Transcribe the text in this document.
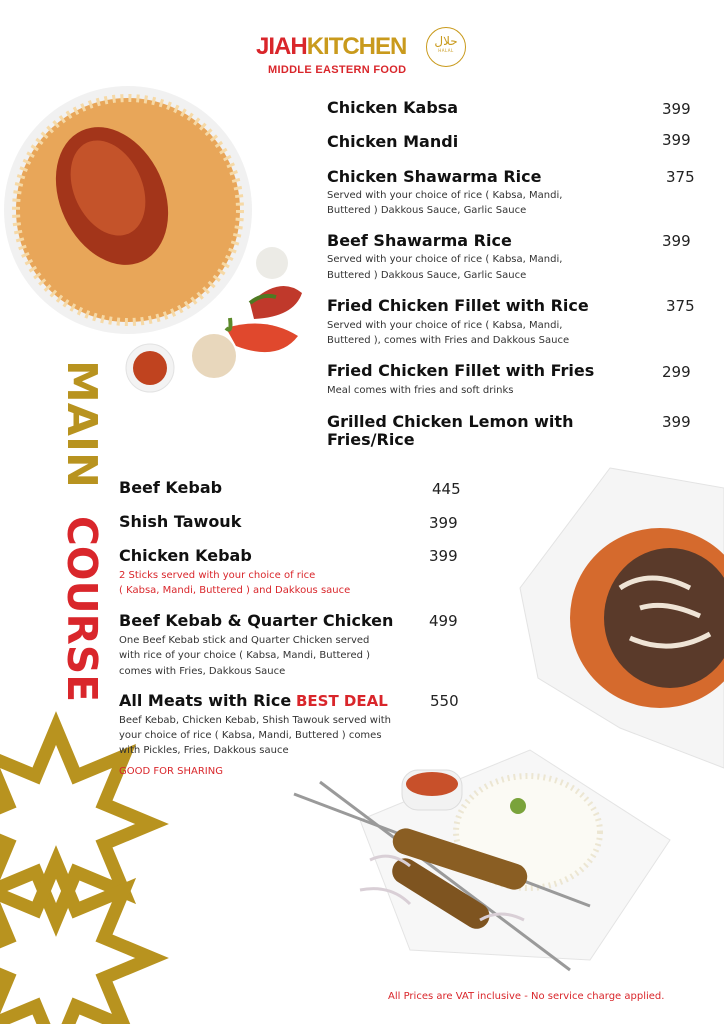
JIAHKITCHEN
MIDDLE EASTERN FOOD
حلال
HALAL
MAIN
COURSE
Chicken Kabsa	399
Chicken Mandi	399
Chicken Shawarma Rice	375
Served with your choice of rice ( Kabsa, Mandi,
Buttered ) Dakkous Sauce, Garlic Sauce
Beef Shawarma Rice	399
Served with your choice of rice ( Kabsa, Mandi,
Buttered ) Dakkous Sauce, Garlic Sauce
Fried Chicken Fillet with Rice	375
Served with your choice of rice ( Kabsa, Mandi,
Buttered ), comes with Fries and Dakkous Sauce
Fried Chicken Fillet with Fries	299
Meal comes with fries and soft drinks
Grilled Chicken Lemon with
Fries/Rice
399
Beef Kebab	445
Shish Tawouk	399
Chicken Kebab	399
2 Sticks served with your choice of rice
( Kabsa, Mandi, Buttered ) and Dakkous sauce
Beef Kebab & Quarter Chicken 499
One Beef Kebab stick and Quarter Chicken served
with rice of your choice ( Kabsa, Mandi, Buttered )
comes with Fries, Dakkous Sauce
All Meats with Rice BEST DEAL	550
Beef Kebab, Chicken Kebab, Shish Tawouk served with
your choice of rice ( Kabsa, Mandi, Buttered ) comes
with Pickles, Fries, Dakkous sauce
GOOD FOR SHARING
All Prices are VAT inclusive - No service charge applied.
